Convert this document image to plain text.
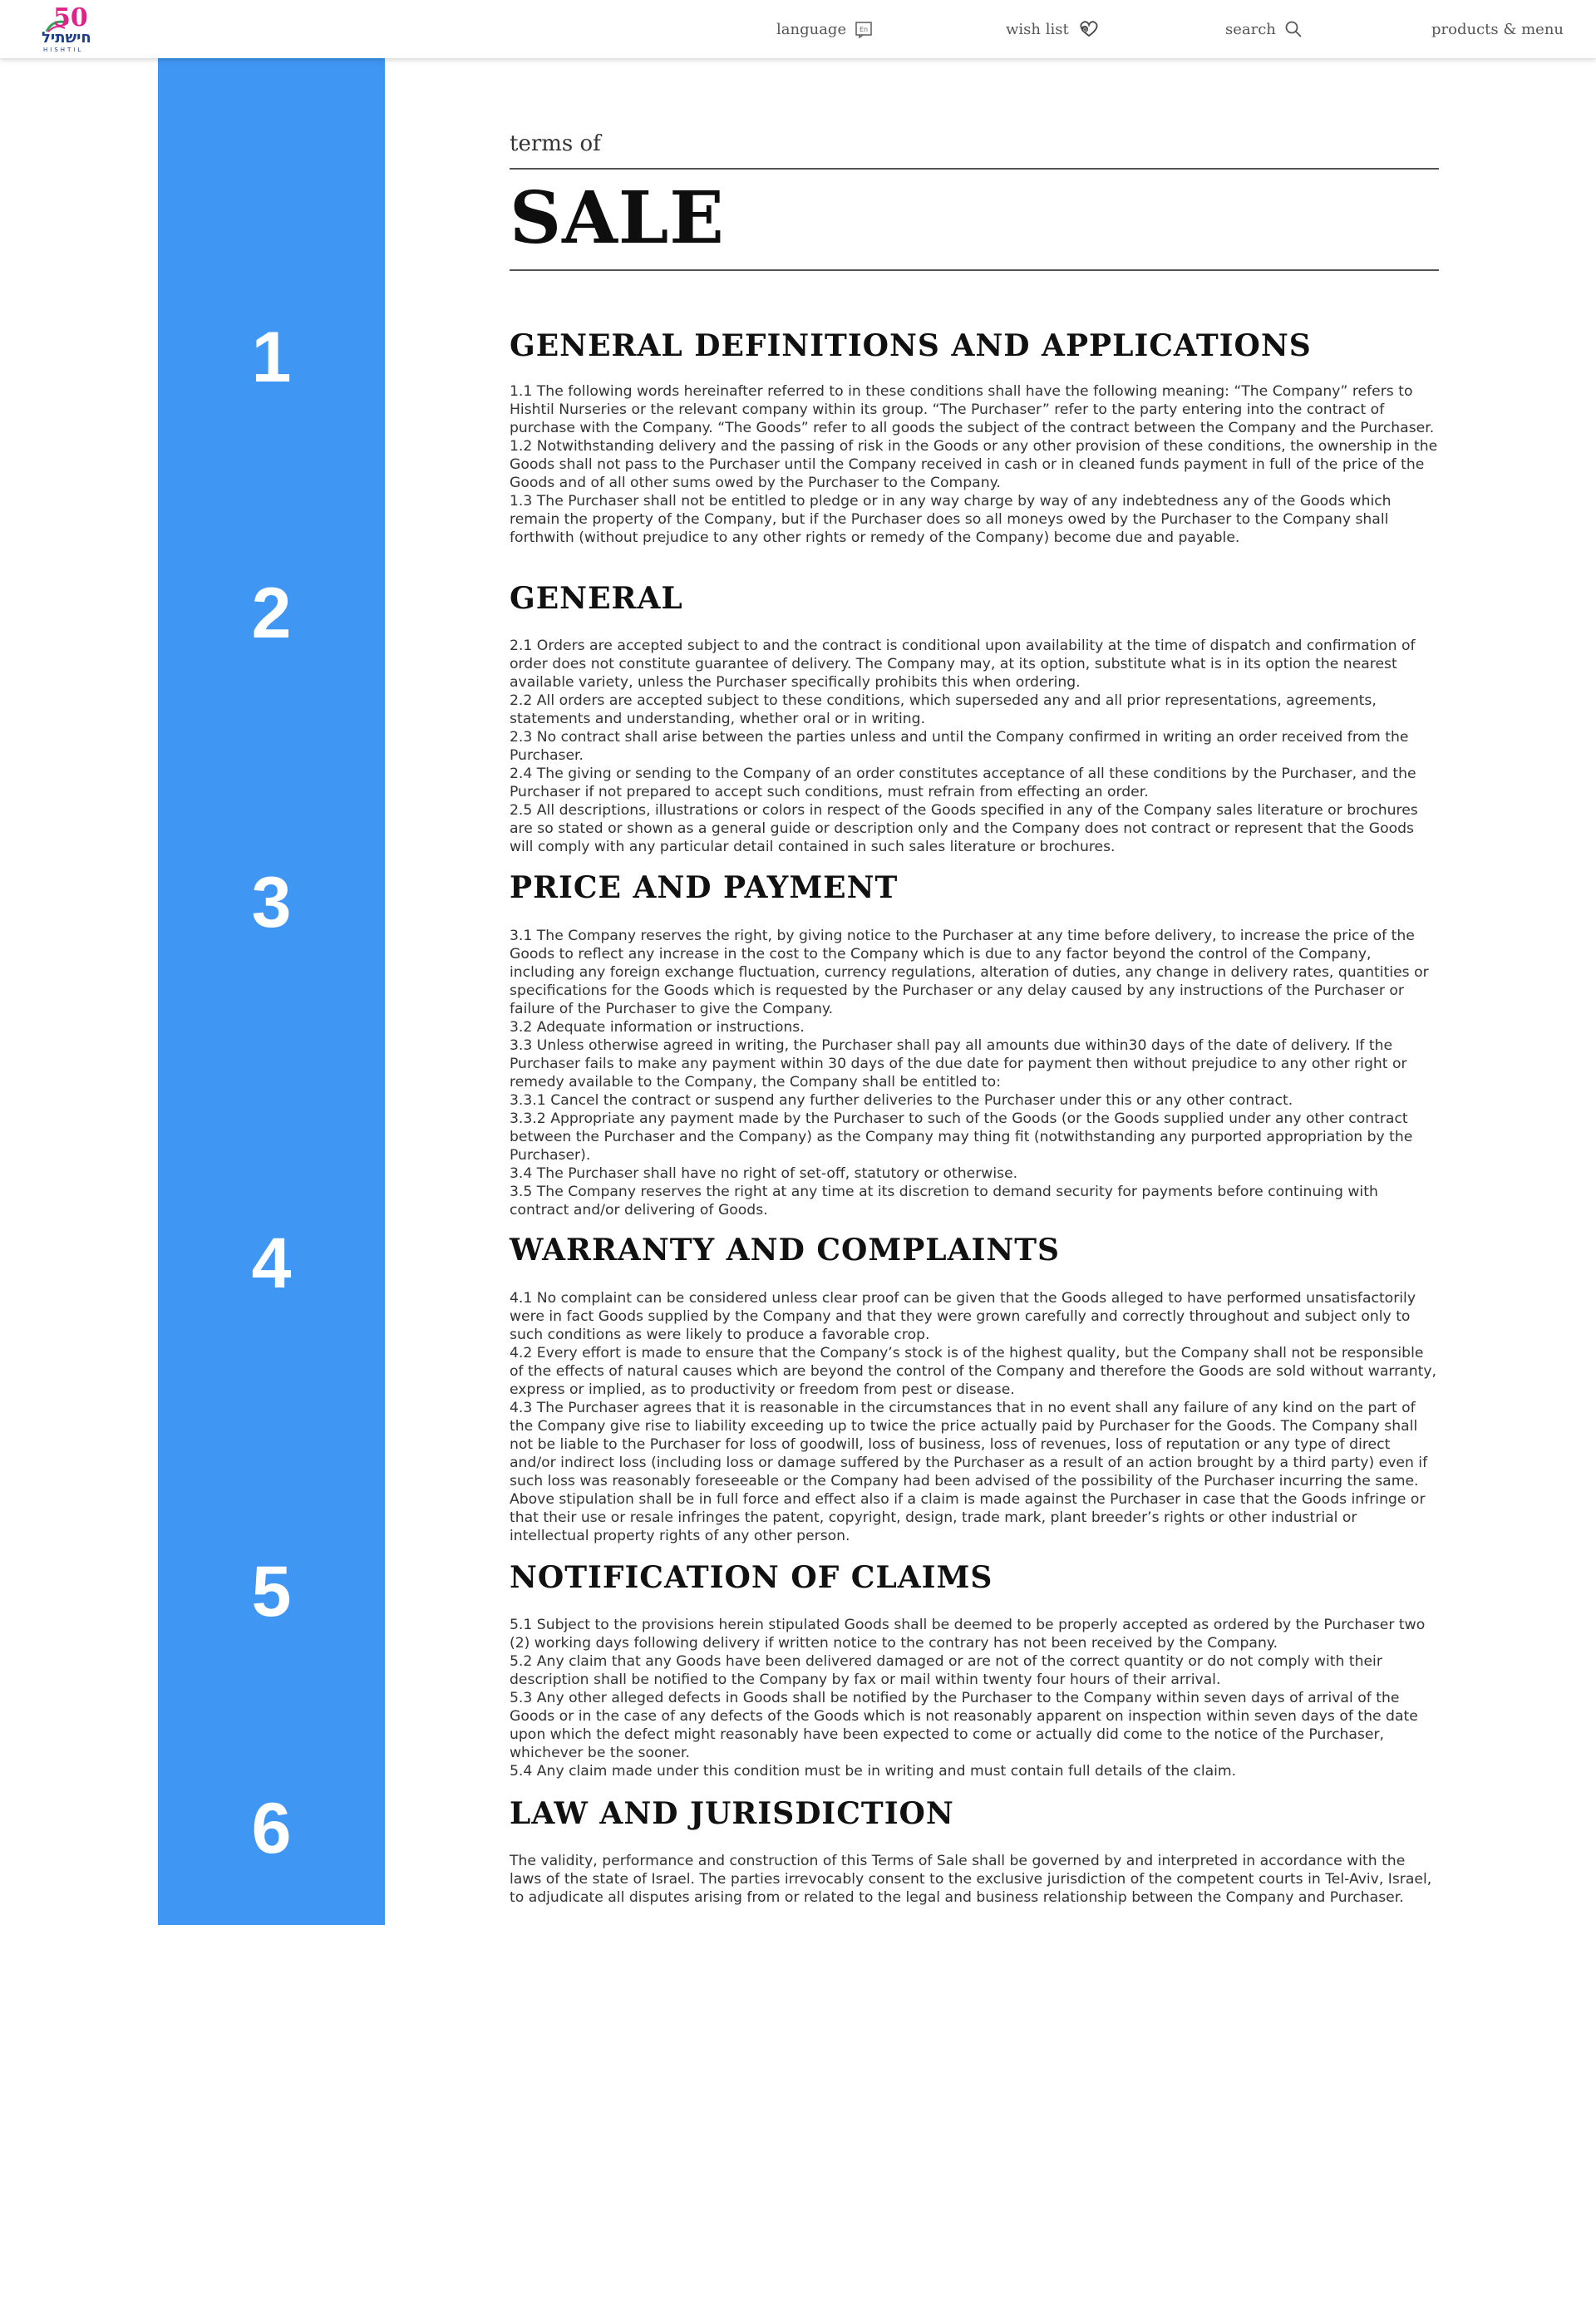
50
חישתיל
HISHTIL
language En	wish list 0	search	products & menu
1
2
3
4
5
6
terms of
SALE
GENERAL DEFINITIONS AND APPLICATIONS

1.1 The following words hereinafter referred to in these conditions shall have the following meaning: “The Company” refers to Hishtil Nurseries or the relevant company within its group. “The Purchaser” refer to the party entering into the contract of purchase with the Company. “The Goods” refer to all goods the subject of the contract between the Company and the Purchaser.

1.2 Notwithstanding delivery and the passing of risk in the Goods or any other provision of these conditions, the ownership in the Goods shall not pass to the Purchaser until the Company received in cash or in cleaned funds payment in full of the price of the Goods and of all other sums owed by the Purchaser to the Company.

1.3 The Purchaser shall not be entitled to pledge or in any way charge by way of any indebtedness any of the Goods which remain the property of the Company, but if the Purchaser does so all moneys owed by the Purchaser to the Company shall forthwith (without prejudice to any other rights or remedy of the Company) become due and payable.

GENERAL

2.1 Orders are accepted subject to and the contract is conditional upon availability at the time of dispatch and confirmation of order does not constitute guarantee of delivery. The Company may, at its option, substitute what is in its option the nearest available variety, unless the Purchaser specifically prohibits this when ordering.

2.2 All orders are accepted subject to these conditions, which superseded any and all prior representations, agreements, statements and understanding, whether oral or in writing.

2.3 No contract shall arise between the parties unless and until the Company confirmed in writing an order received from the Purchaser.

2.4 The giving or sending to the Company of an order constitutes acceptance of all these conditions by the Purchaser, and the Purchaser if not prepared to accept such conditions, must refrain from effecting an order.

2.5 All descriptions, illustrations or colors in respect of the Goods specified in any of the Company sales literature or brochures are so stated or shown as a general guide or description only and the Company does not contract or represent that the Goods will comply with any particular detail contained in such sales literature or brochures.

PRICE AND PAYMENT

3.1 The Company reserves the right, by giving notice to the Purchaser at any time before delivery, to increase the price of the Goods to reflect any increase in the cost to the Company which is due to any factor beyond the control of the Company, including any foreign exchange fluctuation, currency regulations, alteration of duties, any change in delivery rates, quantities or specifications for the Goods which is requested by the Purchaser or any delay caused by any instructions of the Purchaser or failure of the Purchaser to give the Company.

3.2 Adequate information or instructions.

3.3 Unless otherwise agreed in writing, the Purchaser shall pay all amounts due within30 days of the date of delivery. If the Purchaser fails to make any payment within 30 days of the due date for payment then without prejudice to any other right or remedy available to the Company, the Company shall be entitled to:

3.3.1 Cancel the contract or suspend any further deliveries to the Purchaser under this or any other contract.

3.3.2 Appropriate any payment made by the Purchaser to such of the Goods (or the Goods supplied under any other contract between the Purchaser and the Company) as the Company may thing fit (notwithstanding any purported appropriation by the Purchaser).

3.4 The Purchaser shall have no right of set-off, statutory or otherwise.

3.5 The Company reserves the right at any time at its discretion to demand security for payments before continuing with contract and/or delivering of Goods.

WARRANTY AND COMPLAINTS

4.1 No complaint can be considered unless clear proof can be given that the Goods alleged to have performed unsatisfactorily were in fact Goods supplied by the Company and that they were grown carefully and correctly throughout and subject only to such conditions as were likely to produce a favorable crop.

4.2 Every effort is made to ensure that the Company’s stock is of the highest quality, but the Company shall not be responsible of the effects of natural causes which are beyond the control of the Company and therefore the Goods are sold without warranty, express or implied, as to productivity or freedom from pest or disease.

4.3 The Purchaser agrees that it is reasonable in the circumstances that in no event shall any failure of any kind on the part of the Company give rise to liability exceeding up to twice the price actually paid by Purchaser for the Goods. The Company shall not be liable to the Purchaser for loss of goodwill, loss of business, loss of revenues, loss of reputation or any type of direct and/or indirect loss (including loss or damage suffered by the Purchaser as a result of an action brought by a third party) even if such loss was reasonably foreseeable or the Company had been advised of the possibility of the Purchaser incurring the same. Above stipulation shall be in full force and effect also if a claim is made against the Purchaser in case that the Goods infringe or that their use or resale infringes the patent, copyright, design, trade mark, plant breeder’s rights or other industrial or intellectual property rights of any other person.

NOTIFICATION OF CLAIMS

5.1 Subject to the provisions herein stipulated Goods shall be deemed to be properly accepted as ordered by the Purchaser two (2) working days following delivery if written notice to the contrary has not been received by the Company.

5.2 Any claim that any Goods have been delivered damaged or are not of the correct quantity or do not comply with their description shall be notified to the Company by fax or mail within twenty four hours of their arrival.

5.3 Any other alleged defects in Goods shall be notified by the Purchaser to the Company within seven days of arrival of the Goods or in the case of any defects of the Goods which is not reasonably apparent on inspection within seven days of the date upon which the defect might reasonably have been expected to come or actually did come to the notice of the Purchaser, whichever be the sooner.

5.4 Any claim made under this condition must be in writing and must contain full details of the claim.

LAW AND JURISDICTION

The validity, performance and construction of this Terms of Sale shall be governed by and interpreted in accordance with the laws of the state of Israel. The parties irrevocably consent to the exclusive jurisdiction of the competent courts in Tel-Aviv, Israel, to adjudicate all disputes arising from or related to the legal and business relationship between the Company and Purchaser.
